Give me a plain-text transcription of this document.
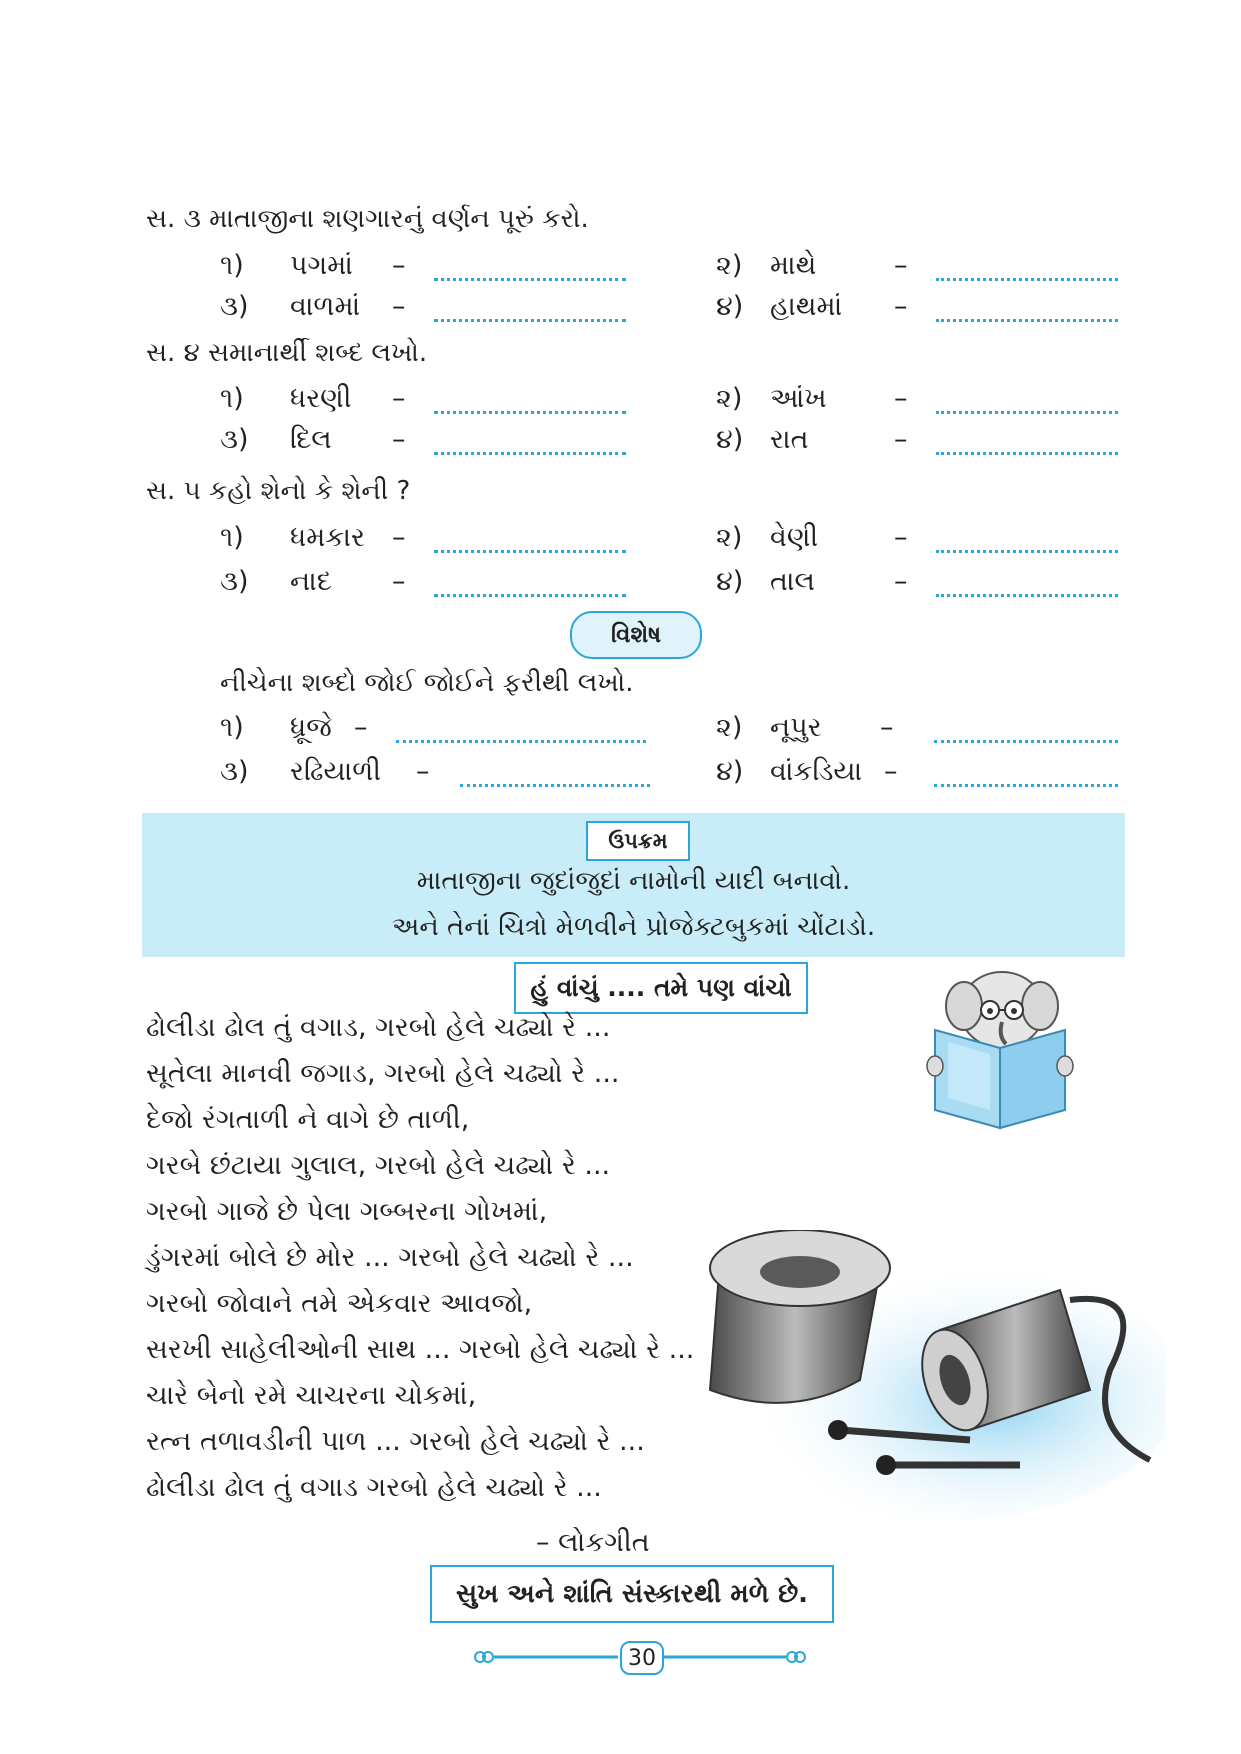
સ. ૩ માતાજીના શણગારનું વર્ણન પૂરું કરો.
૧) પગમાં –	૨) માથે	–
૩) વાળમાં –	૪) હાથમાં –
સ. ૪ સમાનાર્થી શબ્દ લખો.
૧) ધરણી –	૨) આંખ –
૩) દિલ –	૪) રાત	–
સ. ૫ કહો શેનો કે શેની ?
૧) ધમકાર –	૨) વેણી	–
૩) નાદ –	૪) તાલ	–
વિશેષ
નીચેના શબ્દો જોઈ જોઈને ફરીથી લખો.
૧) ધ્રૂજે –	૨) નૂપુર –
૩) રઢિયાળી –	૪) વાંકડિયા –
ઉપક્રમ
માતાજીના જુદાંજુદાં નામોની યાદી બનાવો.
અને તેનાં ચિત્રો મેળવીને પ્રોજેક્ટબુકમાં ચોંટાડો.
હું વાંચું .... તમે પણ વાંચો
ઢોલીડા ઢોલ તું વગાડ, ગરબો હેલે ચઢ્યો રે ...
સૂતેલા માનવી જગાડ, ગરબો હેલે ચઢ્યો રે ...
દેજો રંગતાળી ને વાગે છે તાળી,
ગરબે છંટાયા ગુલાલ, ગરબો હેલે ચઢ્યો રે ...
ગરબો ગાજે છે પેલા ગબ્બરના ગોખમાં,
ડુંગરમાં બોલે છે મોર ... ગરબો હેલે ચઢ્યો રે ...
ગરબો જોવાને તમે એકવાર આવજો,
સરખી સાહેલીઓની સાથ ... ગરબો હેલે ચઢ્યો રે ...
ચારે બેનો રમે ચાચરના ચોકમાં,
રત્ન તળાવડીની પાળ ... ગરબો હેલે ચઢ્યો રે ...
ઢોલીડા ઢોલ તું વગાડ ગરબો હેલે ચઢ્યો રે ...
– લોકગીત
સુખ અને શાંતિ સંસ્કારથી મળે છે.
30
